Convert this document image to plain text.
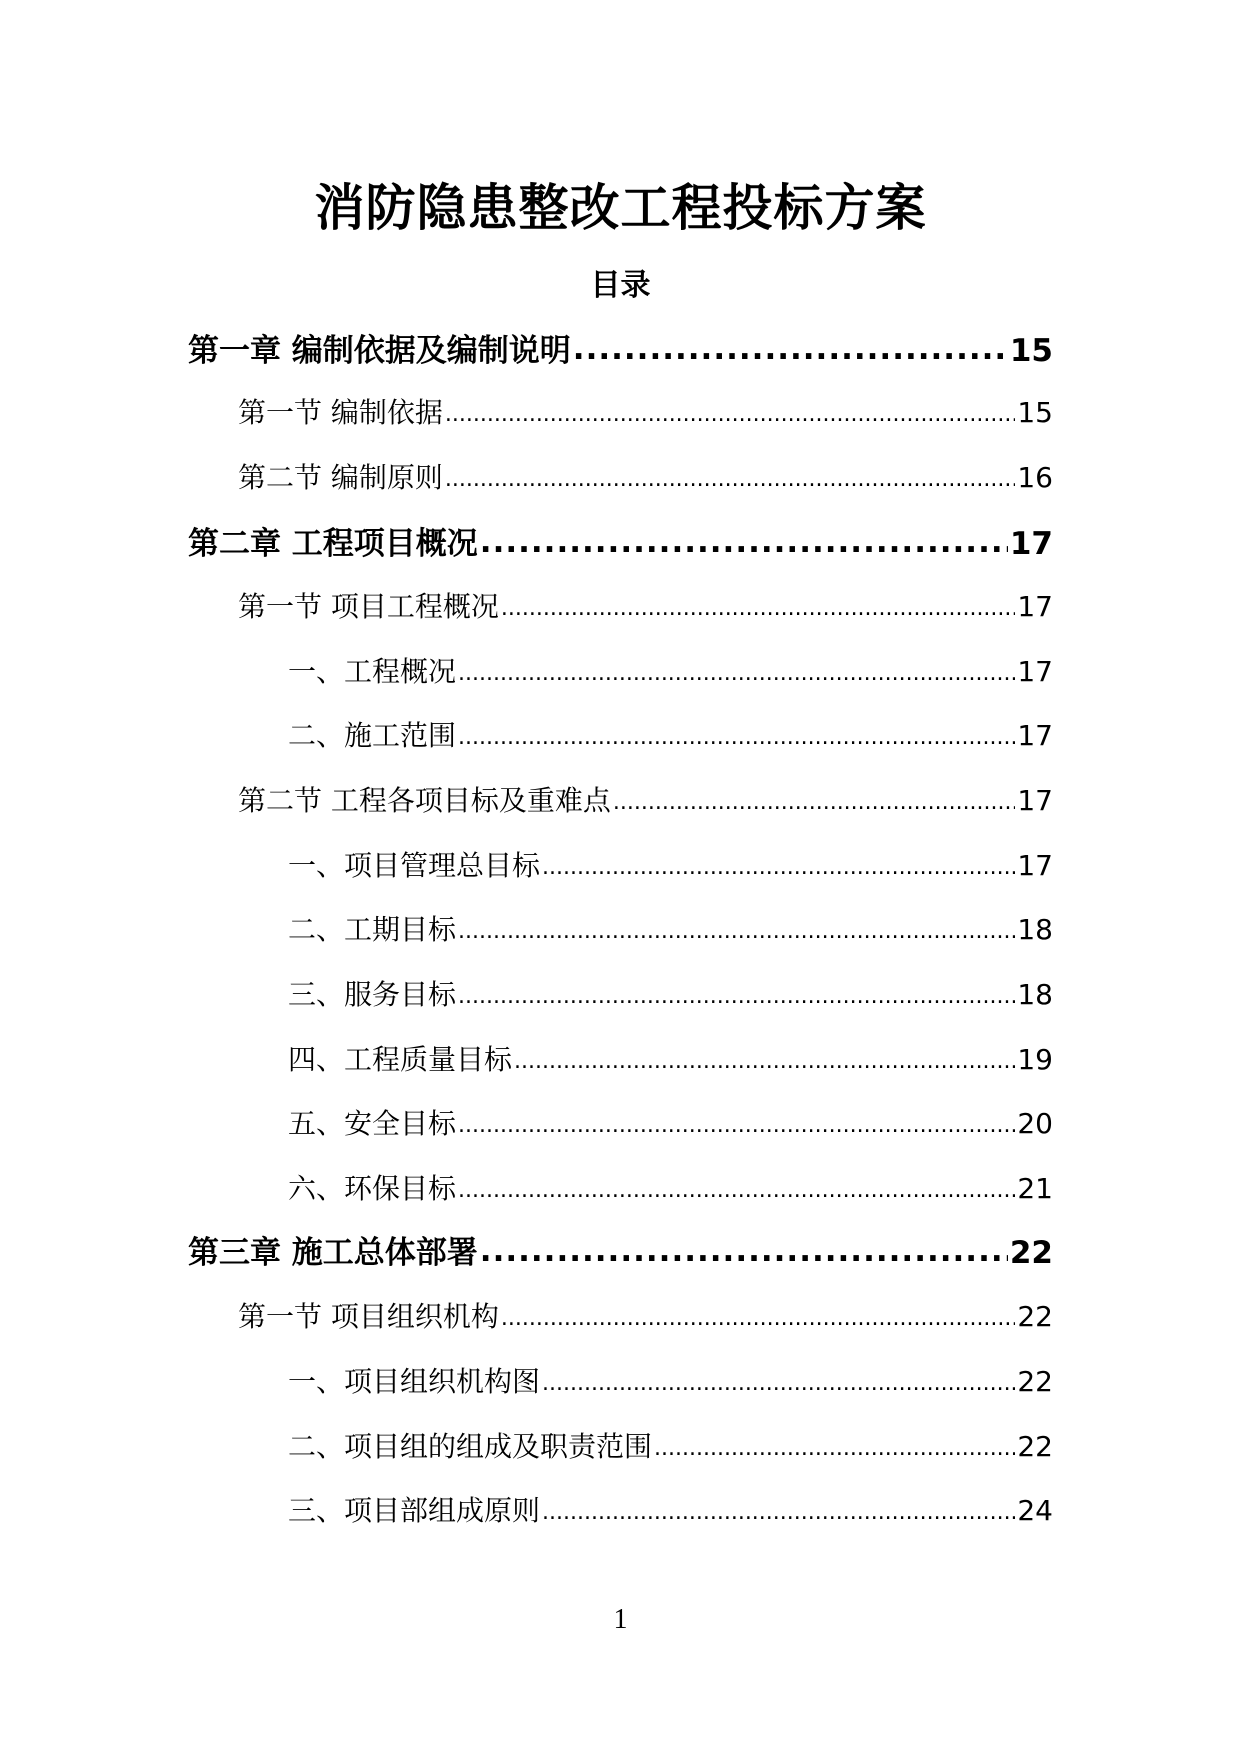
消防隐患整改工程投标方案
目录
第一章 编制依据及编制说明 .....	15
第一节 编制依据 .....	15
第二节 编制原则 .....	16
第二章 工程项目概况 .....	17
第一节 项目工程概况 .....	17
一、工程概况 .....	17
二、施工范围 .....	17
第二节 工程各项目标及重难点 .....	17
一、项目管理总目标 .....	17
二、工期目标 .....	18
三、服务目标 .....	18
四、工程质量目标 .....	19
五、安全目标 .....	20
六、环保目标 .....	21
第三章 施工总体部署 .....	22
第一节 项目组织机构 .....	22
一、项目组织机构图 .....	22
二、项目组的组成及职责范围 .....	22
三、项目部组成原则 .....	24
1
